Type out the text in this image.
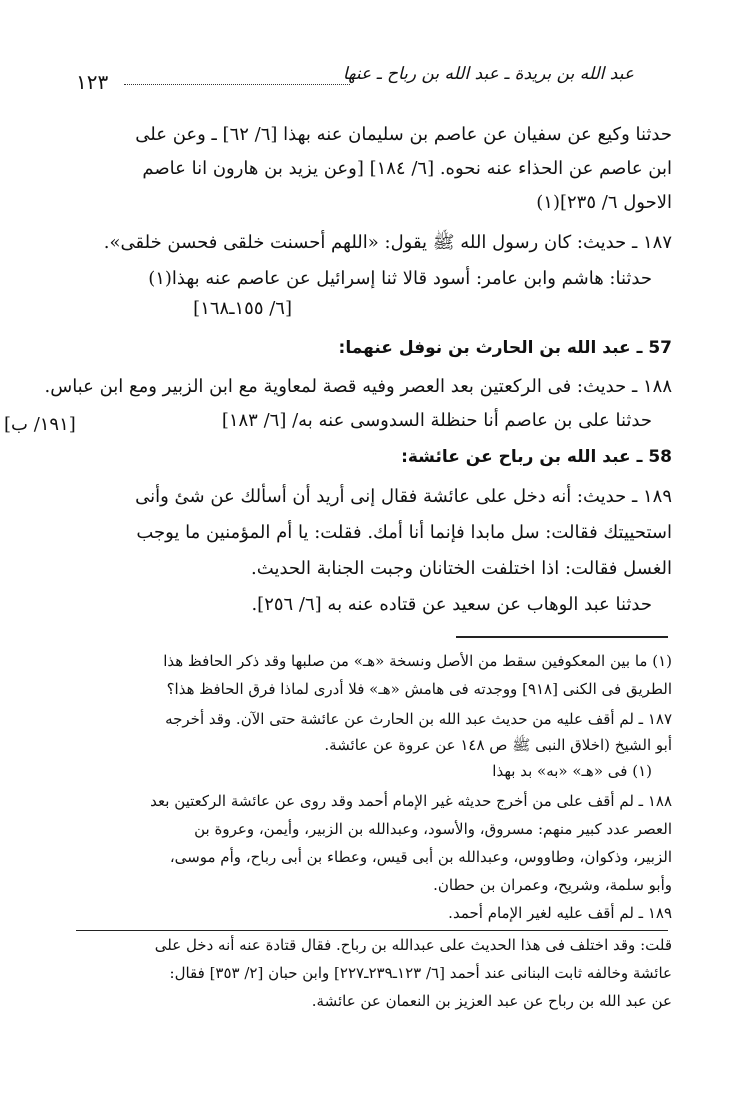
عبد الله بن بريدة ـ عبد الله بن رباح ـ عنها
١٢٣
حدثنا وكيع عن سفيان عن عاصم بن سليمان عنه بهذا [٦/ ٦٢] ـ وعن على
ابن عاصم عن الحذاء عنه نحوه. [٦/ ١٨٤] [وعن يزيد بن هارون انا عاصم
الاحول ٦/ ٢٣٥](١)
١٨٧ ـ حديث: كان رسول الله ﷺ يقول: «اللهم أحسنت خلقى فحسن خلقى».
حدثنا: هاشم وابن عامر: أسود قالا ثنا إسرائيل عن عاصم عنه بهذا(١)
[٦/ ١٥٥ـ١٦٨]
57 ـ عبد الله بن الحارث بن نوفل عنهما:
١٨٨ ـ حديث: فى الركعتين بعد العصر وفيه قصة لمعاوية مع ابن الزبير ومع ابن عباس.
حدثنا على بن عاصم أنا حنظلة السدوسى عنه به/ [٦/ ١٨٣]
[١٩١/ ب]
58 ـ عبد الله بن رباح عن عائشة:
١٨٩ ـ حديث: أنه دخل على عائشة فقال إنى أريد أن أسألك عن شئ وأنى
استحييتك فقالت: سل مابدا فإنما أنا أمك. فقلت: يا أم المؤمنين ما يوجب
الغسل فقالت: اذا اختلفت الختانان وجبت الجنابة الحديث.
حدثنا عبد الوهاب عن سعيد عن قتاده عنه به [٦/ ٢٥٦].
(١) ما بين المعكوفين سقط من الأصل ونسخة «هـ» من صلبها وقد ذكر الحافظ هذا
الطريق فى الكنى [٩١٨] ووجدته فى هامش «هـ» فلا أدرى لماذا فرق الحافظ هذا؟
١٨٧ ـ لم أقف عليه من حديث عبد الله بن الحارث عن عائشة حتى الآن. وقد أخرجه
أبو الشيخ (اخلاق النبى ﷺ ص ١٤٨ عن عروة عن عائشة.
(١) فى «هـ» «به» بد بهذا
١٨٨ ـ لم أقف على من أخرج حديثه غير الإمام أحمد وقد روى عن عائشة الركعتين بعد
العصر عدد كبير منهم: مسروق، والأسود، وعبدالله بن الزبير، وأيمن، وعروة بن
الزبير، وذكوان، وطاووس، وعبدالله بن أبى قيس، وعطاء بن أبى رباح، وأم موسى،
وأبو سلمة، وشريح، وعمران بن حطان.
١٨٩ ـ لم أقف عليه لغير الإمام أحمد.
قلت: وقد اختلف فى هذا الحديث على عبدالله بن رباح. فقال قتادة عنه أنه دخل على
عائشة وخالفه ثابت البنانى عند أحمد [٦/ ١٢٣ـ٢٣٩ـ٢٢٧] وابن حبان [٢/ ٣٥٣] فقال:
عن عبد الله بن رباح عن عبد العزيز بن النعمان عن عائشة.
